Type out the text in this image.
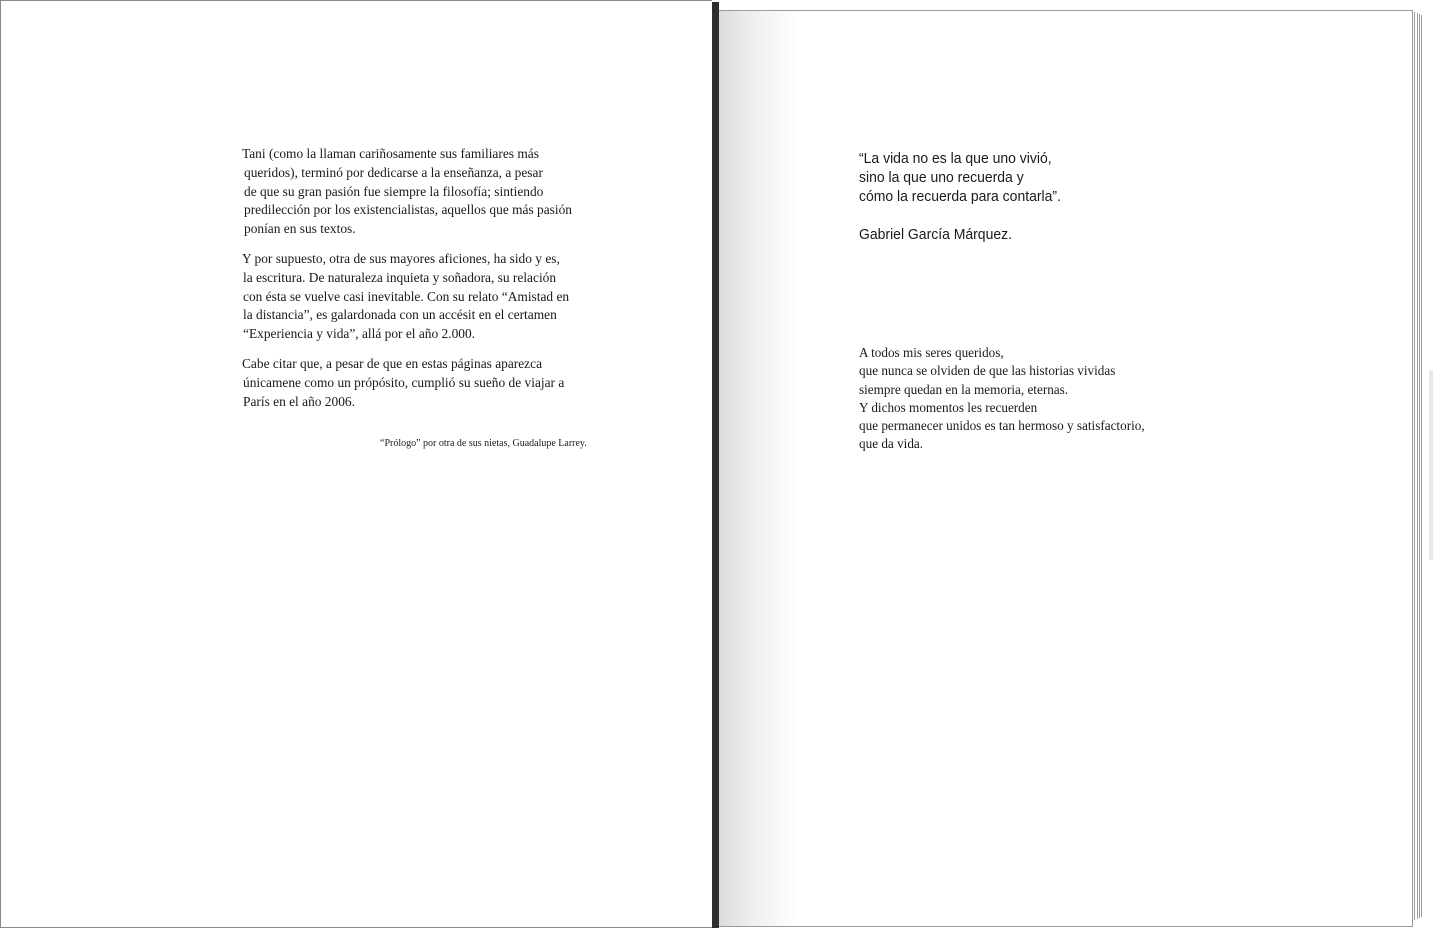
Tani (como la llaman cariñosamente sus familiares más
queridos), terminó por dedicarse a la enseñanza, a pesar
de que su gran pasión fue siempre la filosofía; sintiendo
predilección por los existencialistas, aquellos que más pasión
ponían en sus textos.

Y por supuesto, otra de sus mayores aficiones, ha sido y es,
la escritura. De naturaleza inquieta y soñadora, su relación
con ésta se vuelve casi inevitable. Con su relato “Amistad en
la distancia”, es galardonada con un accésit en el certamen
“Experiencia y vida”, allá por el año 2.000.

Cabe citar que, a pesar de que en estas páginas aparezca
únicamene como un própósito, cumplió su sueño de viajar a
París en el año 2006.

“Prólogo” por otra de sus nietas, Guadalupe Larrey.
“La vida no es la que uno vivió,
sino la que uno recuerda y
cómo la recuerda para contarla”.
Gabriel García Márquez.
A todos mis seres queridos,
que nunca se olviden de que las historias vividas
siempre quedan en la memoria, eternas.
Y dichos momentos les recuerden
que permanecer unidos es tan hermoso y satisfactorio,
que da vida.
